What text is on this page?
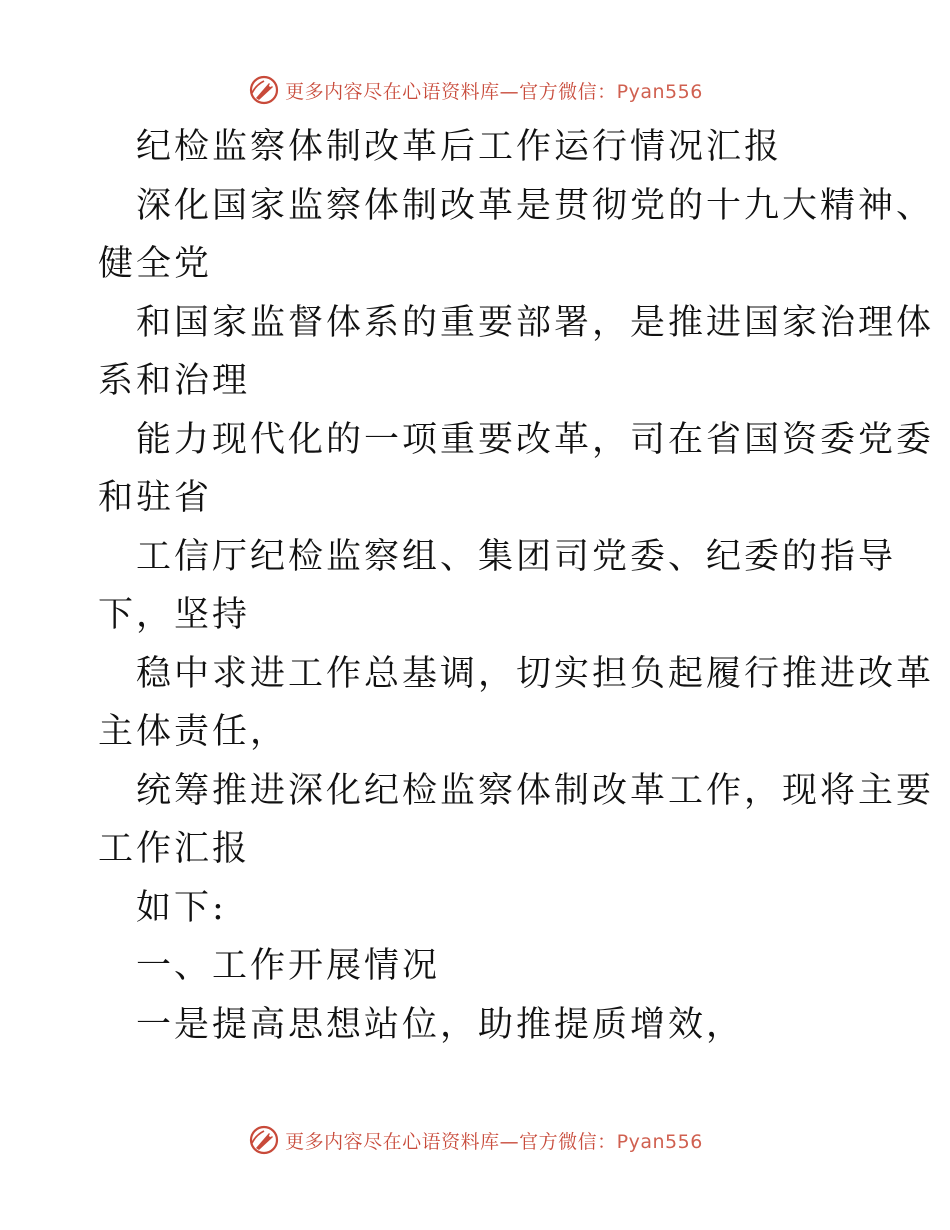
更多内容尽在心语资料库—官方微信：Pyan556
纪检监察体制改革后工作运行情况汇报
深化国家监察体制改革是贯彻党的十九大精神、
健全党
和国家监督体系的重要部署，是推进国家治理体
系和治理
能力现代化的一项重要改革，司在省国资委党委
和驻省
工信厅纪检监察组、集团司党委、纪委的指导
下，坚持
稳中求进工作总基调，切实担负起履行推进改革
主体责任，
统筹推进深化纪检监察体制改革工作，现将主要
工作汇报
如下:
一、工作开展情况
一是提高思想站位，助推提质增效，
更多内容尽在心语资料库—官方微信：Pyan556
